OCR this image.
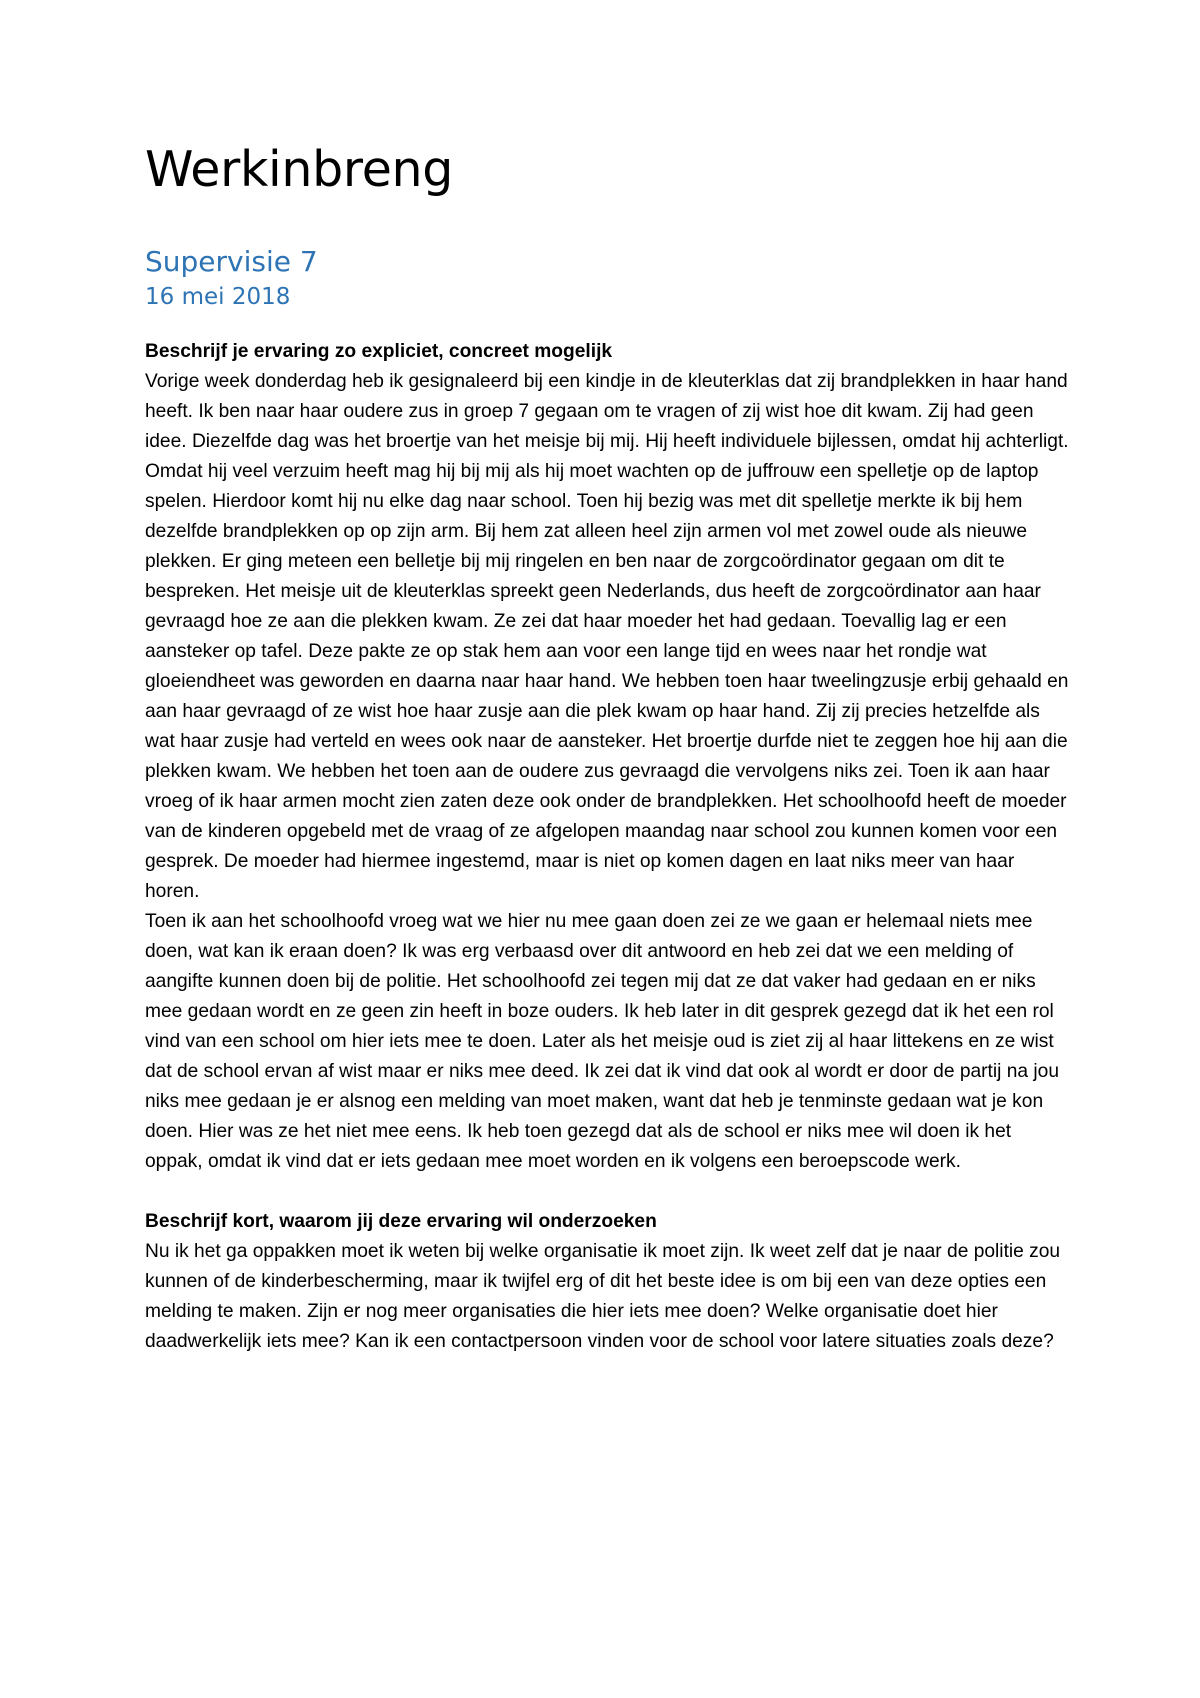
Werkinbreng
Supervisie 7
16 mei 2018
Beschrijf je ervaring zo expliciet, concreet mogelijk

Vorige week donderdag heb ik gesignaleerd bij een kindje in de kleuterklas dat zij brandplekken in haar hand heeft. Ik ben naar haar oudere zus in groep 7 gegaan om te vragen of zij wist hoe dit kwam. Zij had geen idee. Diezelfde dag was het broertje van het meisje bij mij. Hij heeft individuele bijlessen, omdat hij achterligt. Omdat hij veel verzuim heeft mag hij bij mij als hij moet wachten op de juffrouw een spelletje op de laptop spelen. Hierdoor komt hij nu elke dag naar school. Toen hij bezig was met dit spelletje merkte ik bij hem dezelfde brandplekken op op zijn arm. Bij hem zat alleen heel zijn armen vol met zowel oude als nieuwe plekken. Er ging meteen een belletje bij mij ringelen en ben naar de zorgcoördinator gegaan om dit te bespreken. Het meisje uit de kleuterklas spreekt geen Nederlands, dus heeft de zorgcoördinator aan haar gevraagd hoe ze aan die plekken kwam. Ze zei dat haar moeder het had gedaan. Toevallig lag er een aansteker op tafel. Deze pakte ze op stak hem aan voor een lange tijd en wees naar het rondje wat gloeiendheet was geworden en daarna naar haar hand. We hebben toen haar tweelingzusje erbij gehaald en aan haar gevraagd of ze wist hoe haar zusje aan die plek kwam op haar hand. Zij zij precies hetzelfde als wat haar zusje had verteld en wees ook naar de aansteker. Het broertje durfde niet te zeggen hoe hij aan die plekken kwam. We hebben het toen aan de oudere zus gevraagd die vervolgens niks zei. Toen ik aan haar vroeg of ik haar armen mocht zien zaten deze ook onder de brandplekken. Het schoolhoofd heeft de moeder van de kinderen opgebeld met de vraag of ze afgelopen maandag naar school zou kunnen komen voor een gesprek. De moeder had hiermee ingestemd, maar is niet op komen dagen en laat niks meer van haar horen.

Toen ik aan het schoolhoofd vroeg wat we hier nu mee gaan doen zei ze we gaan er helemaal niets mee doen, wat kan ik eraan doen? Ik was erg verbaasd over dit antwoord en heb zei dat we een melding of aangifte kunnen doen bij de politie. Het schoolhoofd zei tegen mij dat ze dat vaker had gedaan en er niks mee gedaan wordt en ze geen zin heeft in boze ouders. Ik heb later in dit gesprek gezegd dat ik het een rol vind van een school om hier iets mee te doen. Later als het meisje oud is ziet zij al haar littekens en ze wist dat de school ervan af wist maar er niks mee deed. Ik zei dat ik vind dat ook al wordt er door de partij na jou niks mee gedaan je er alsnog een melding van moet maken, want dat heb je tenminste gedaan wat je kon doen. Hier was ze het niet mee eens. Ik heb toen gezegd dat als de school er niks mee wil doen ik het oppak, omdat ik vind dat er iets gedaan mee moet worden en ik volgens een beroepscode werk.

Beschrijf kort, waarom jij deze ervaring wil onderzoeken

Nu ik het ga oppakken moet ik weten bij welke organisatie ik moet zijn. Ik weet zelf dat je naar de politie zou kunnen of de kinderbescherming, maar ik twijfel erg of dit het beste idee is om bij een van deze opties een melding te maken. Zijn er nog meer organisaties die hier iets mee doen? Welke organisatie doet hier daadwerkelijk iets mee? Kan ik een contactpersoon vinden voor de school voor latere situaties zoals deze?
